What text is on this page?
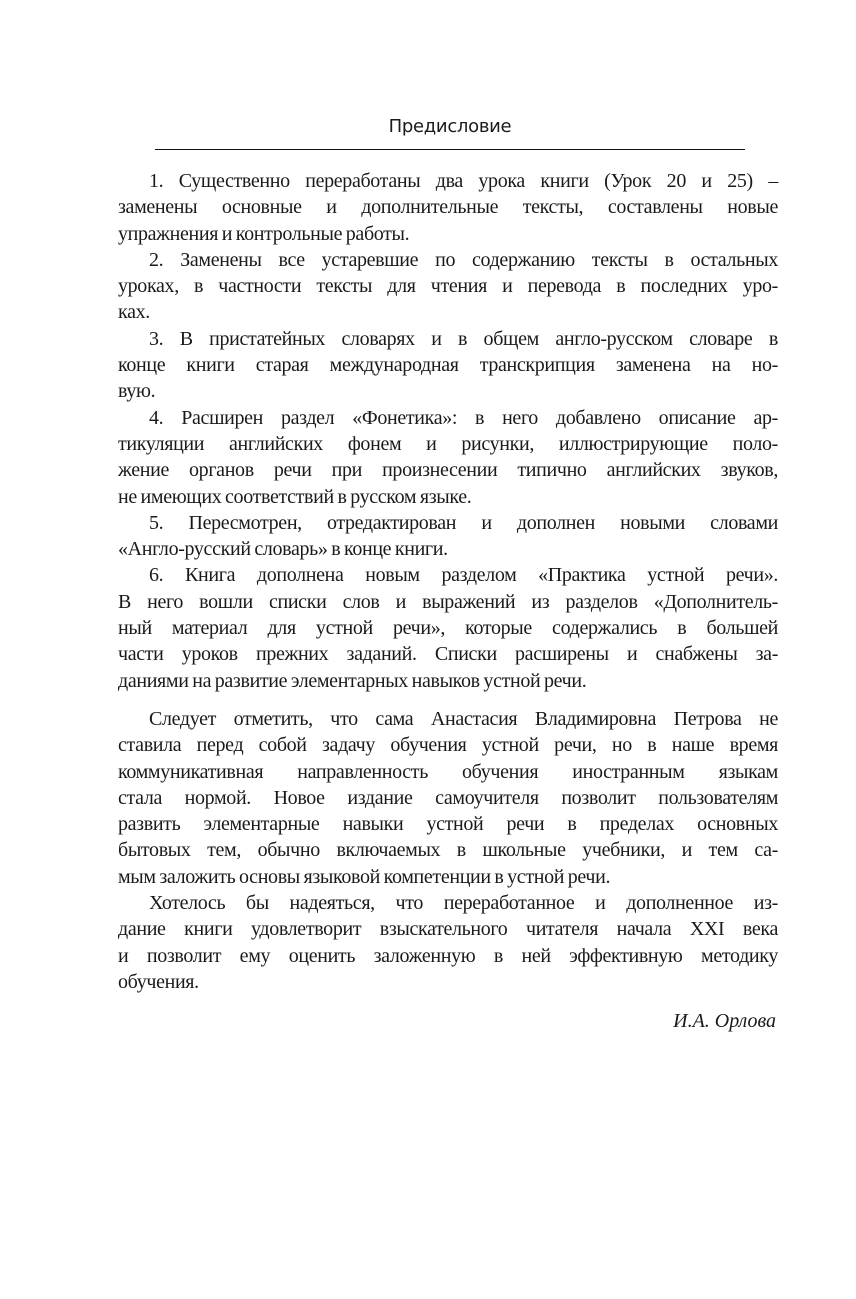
Предисловие
1. Существенно переработаны два урока книги (Урок 20 и 25) –
заменены основные и дополнительные тексты, составлены новые
упражнения и контрольные работы.
2. Заменены все устаревшие по содержанию тексты в остальных
уроках, в частности тексты для чтения и перевода в последних уро-
ках.
3. В пристатейных словарях и в общем англо-русском словаре в
конце книги старая международная транскрипция заменена на но-
вую.
4. Расширен раздел «Фонетика»: в него добавлено описание ар-
тикуляции английских фонем и рисунки, иллюстрирующие поло-
жение органов речи при произнесении типично английских звуков,
не имеющих соответствий в русском языке.
5. Пересмотрен, отредактирован и дополнен новыми словами
«Англо-русский словарь» в конце книги.
6. Книга дополнена новым разделом «Практика устной речи».
В него вошли списки слов и выражений из разделов «Дополнитель-
ный материал для устной речи», которые содержались в большей
части уроков прежних заданий. Списки расширены и снабжены за-
даниями на развитие элементарных навыков устной речи.
Следует отметить, что сама Анастасия Владимировна Петрова не
ставила перед собой задачу обучения устной речи, но в наше время
коммуникативная направленность обучения иностранным языкам
стала нормой. Новое издание самоучителя позволит пользователям
развить элементарные навыки устной речи в пределах основных
бытовых тем, обычно включаемых в школьные учебники, и тем са-
мым заложить основы языковой компетенции в устной речи.
Хотелось бы надеяться, что переработанное и дополненное из-
дание книги удовлетворит взыскательного читателя начала XXI века
и позволит ему оценить заложенную в ней эффективную методику
обучения.
И.А. Орлова
